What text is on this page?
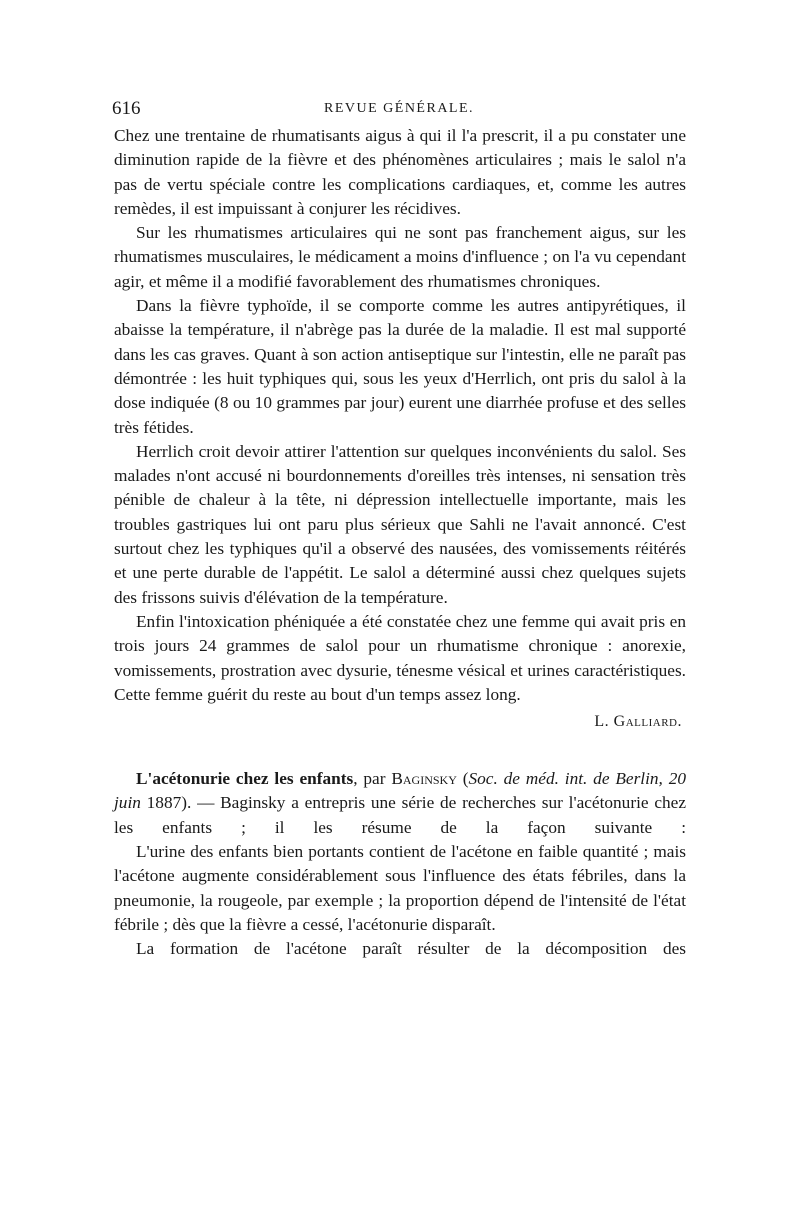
616	REVUE GÉNÉRALE.

Chez une trentaine de rhumatisants aigus à qui il l'a prescrit, il a pu constater une diminution rapide de la fièvre et des phénomènes articulaires ; mais le salol n'a pas de vertu spéciale contre les complications cardiaques, et, comme les autres remèdes, il est impuissant à conjurer les récidives.

Sur les rhumatismes articulaires qui ne sont pas franchement aigus, sur les rhumatismes musculaires, le médicament a moins d'influence ; on l'a vu cependant agir, et même il a modifié favorablement des rhumatismes chroniques.

Dans la fièvre typhoïde, il se comporte comme les autres antipyrétiques, il abaisse la température, il n'abrège pas la durée de la maladie. Il est mal supporté dans les cas graves. Quant à son action antiseptique sur l'intestin, elle ne paraît pas démontrée : les huit typhiques qui, sous les yeux d'Herrlich, ont pris du salol à la dose indiquée (8 ou 10 grammes par jour) eurent une diarrhée profuse et des selles très fétides.

Herrlich croit devoir attirer l'attention sur quelques inconvénients du salol. Ses malades n'ont accusé ni bourdonnements d'oreilles très intenses, ni sensation très pénible de chaleur à la tête, ni dépression intellectuelle importante, mais les troubles gastriques lui ont paru plus sérieux que Sahli ne l'avait annoncé. C'est surtout chez les typhiques qu'il a observé des nausées, des vomissements réitérés et une perte durable de l'appétit. Le salol a déterminé aussi chez quelques sujets des frissons suivis d'élévation de la température.

Enfin l'intoxication phéniquée a été constatée chez une femme qui avait pris en trois jours 24 grammes de salol pour un rhumatisme chronique : anorexie, vomissements, prostration avec dysurie, ténesme vésical et urines caractéristiques. Cette femme guérit du reste au bout d'un temps assez long.

L. Galliard.

L'acétonurie chez les enfants, par Baginsky (Soc. de méd. int. de Berlin, 20 juin 1887). — Baginsky a entrepris une série de recherches sur l'acétonurie chez les enfants ; il les résume de la façon suivante :

L'urine des enfants bien portants contient de l'acétone en faible quantité ; mais l'acétone augmente considérablement sous l'influence des états fébriles, dans la pneumonie, la rougeole, par exemple ; la proportion dépend de l'intensité de l'état fébrile ; dès que la fièvre a cessé, l'acétonurie disparaît.

La formation de l'acétone paraît résulter de la décomposition des
